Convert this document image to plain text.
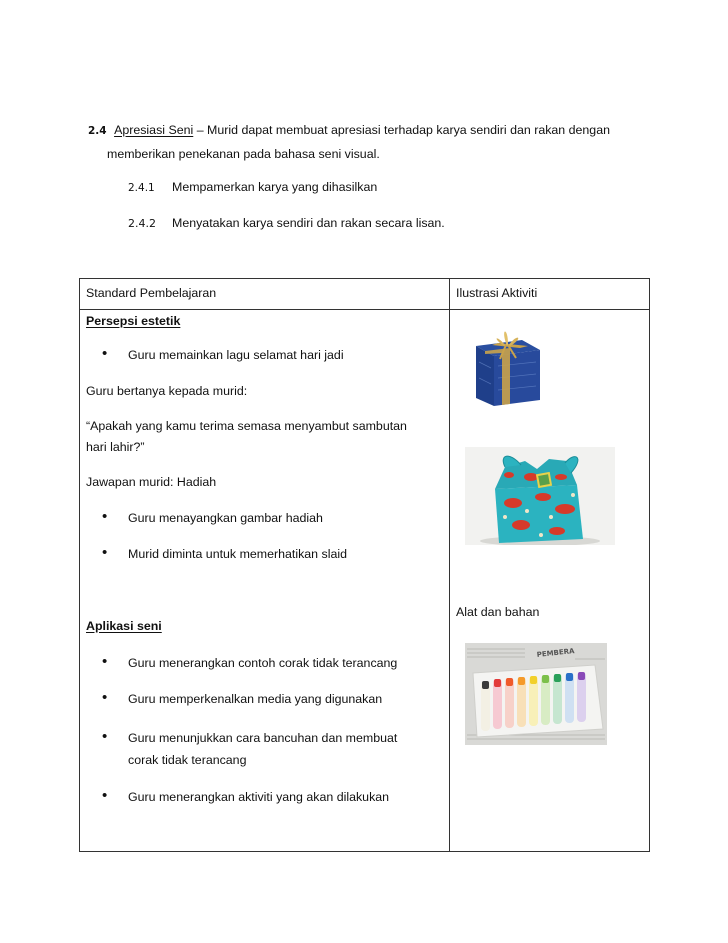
2.4 Apresiasi Seni – Murid dapat membuat apresiasi terhadap karya sendiri dan rakan dengan
memberikan penekanan pada bahasa seni visual.
2.4.1 Mempamerkan karya yang dihasilkan
2.4.2 Menyatakan karya sendiri dan rakan secara lisan.
Standard Pembelajaran	Ilustrasi Aktiviti
Persepsi estetik
• Guru memainkan lagu selamat hari jadi
Guru bertanya kepada murid:
“Apakah yang kamu terima semasa menyambut sambutan
hari lahir?”
Jawapan murid: Hadiah
• Guru menayangkan gambar hadiah
• Murid diminta untuk memerhatikan slaid
Aplikasi seni
• Guru menerangkan contoh corak tidak terancang
• Guru memperkenalkan media yang digunakan
• Guru menunjukkan cara bancuhan dan membuat
corak tidak terancang
• Guru menerangkan aktiviti yang akan dilakukan
Alat dan bahan
PEMBERA
